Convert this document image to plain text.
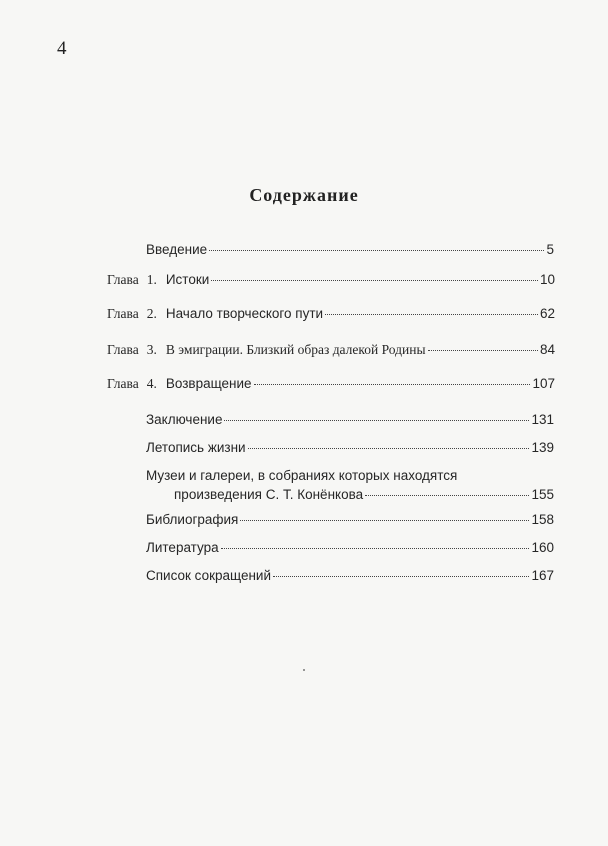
4
Содержание
Введение	5
Глава 1. Истоки	10
Глава 2. Начало творческого пути	62
Глава 3. В эмиграции. Близкий образ далекой Родины	84
Глава 4. Возвращение	107
Заключение	131
Летопись жизни	139
Музеи и галереи, в собраниях которых находятся
произведения С. Т. Конёнкова	155
Библиография	158
Литература	160
Список сокращений	167
